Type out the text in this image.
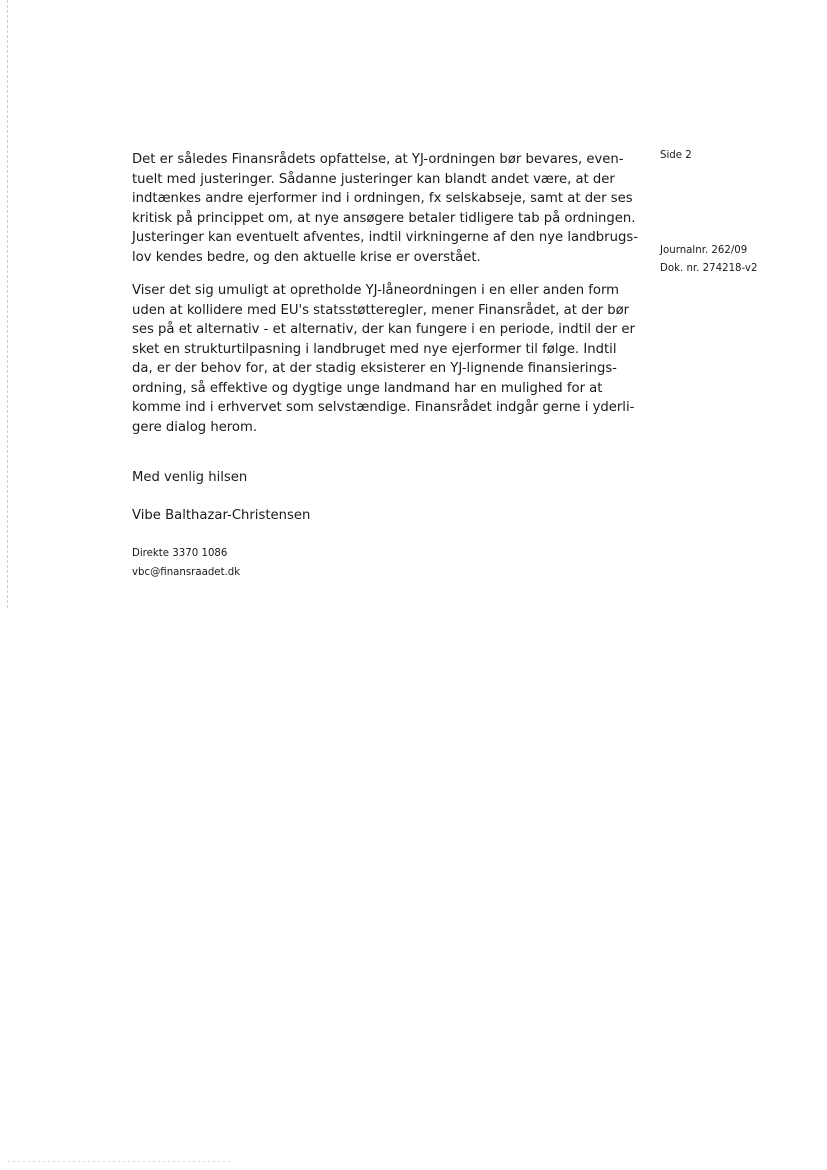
Side 2
Journalnr. 262/09
Dok. nr. 274218-v2

Det er således Finansrådets opfattelse, at YJ-ordningen bør bevares, even-
tuelt med justeringer. Sådanne justeringer kan blandt andet være, at der
indtænkes andre ejerformer ind i ordningen, fx selskabseje, samt at der ses
kritisk på princippet om, at nye ansøgere betaler tidligere tab på ordningen.
Justeringer kan eventuelt afventes, indtil virkningerne af den nye landbrugs-
lov kendes bedre, og den aktuelle krise er overstået.

Viser det sig umuligt at opretholde YJ-låneordningen i en eller anden form
uden at kollidere med EU's statsstøtteregler, mener Finansrådet, at der bør
ses på et alternativ - et alternativ, der kan fungere i en periode, indtil der er
sket en strukturtilpasning i landbruget med nye ejerformer til følge. Indtil
da, er der behov for, at der stadig eksisterer en YJ-lignende finansierings-
ordning, så effektive og dygtige unge landmand har en mulighed for at
komme ind i erhvervet som selvstændige. Finansrådet indgår gerne i yderli-
gere dialog herom.

Med venlig hilsen
Vibe Balthazar-Christensen
Direkte 3370 1086
vbc@finansraadet.dk
